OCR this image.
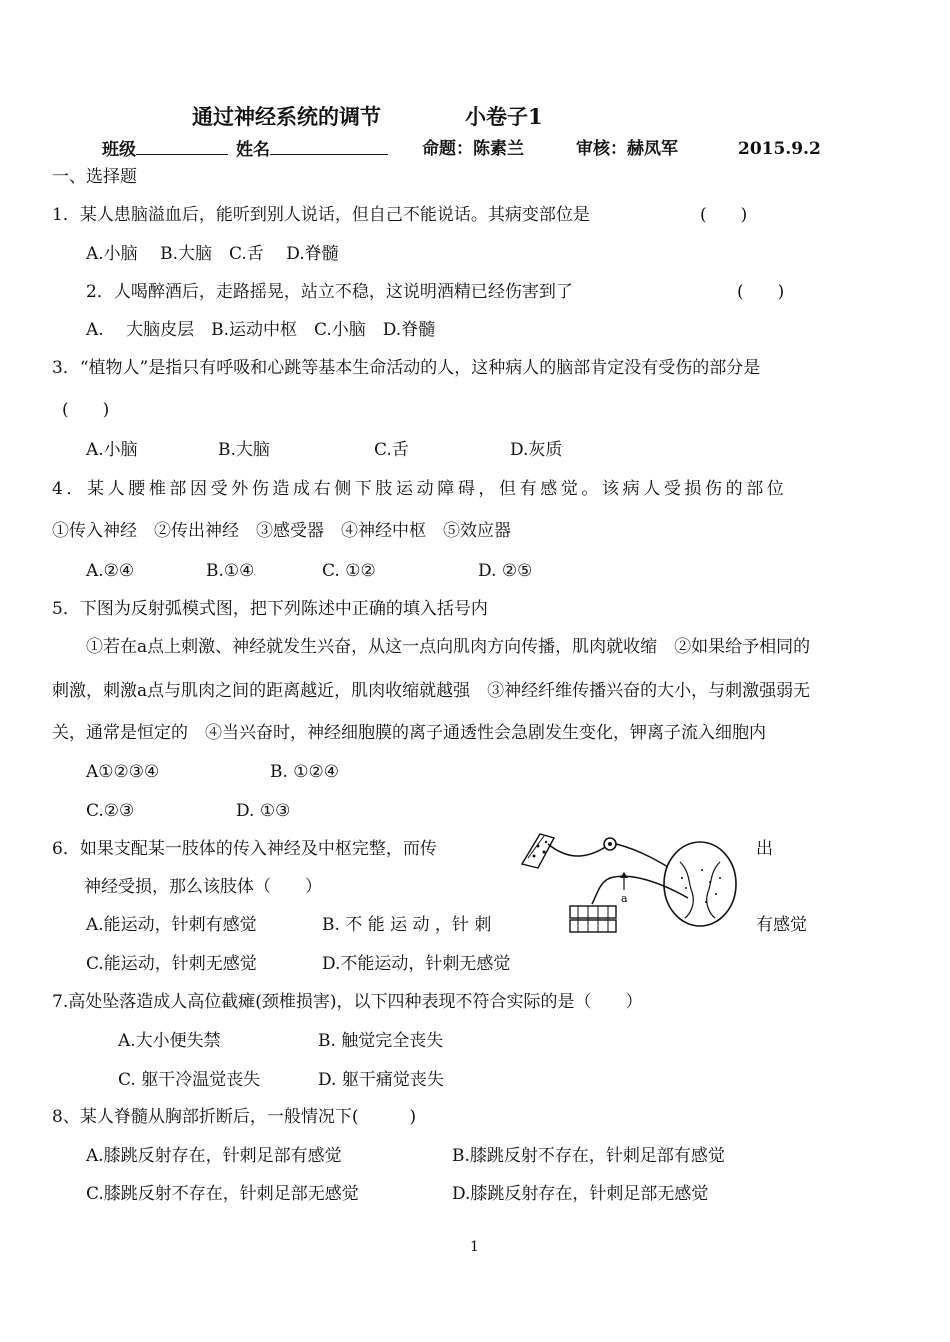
通过神经系统的调节	小卷子1
班级	姓名	命题：陈素兰	审核：赫凤军	2015.9.2
一、选择题
1．某人患脑溢血后，能听到别人说话，但自己不能说话。其病变部位是	(　　)
A.小脑　 B.大脑　C.舌　 D.脊髓
2．人喝醉酒后，走路摇晃，站立不稳，这说明酒精已经伤害到了	(　　)
A.　 大脑皮层　B.运动中枢　C.小脑　D.脊髓
3．“植物人”是指只有呼吸和心跳等基本生命活动的人，这种病人的脑部肯定没有受伤的部分是
(　　)
A.小脑	B.大脑	C.舌	D.灰质
4．某人腰椎部因受外伤造成右侧下肢运动障碍，但有感觉。该病人受损伤的部位
①传入神经　②传出神经　③感受器　④神经中枢　⑤效应器
A.②④	B.①④	C. ①②	D. ②⑤
5．下图为反射弧模式图，把下列陈述中正确的填入括号内
①若在a点上刺激、神经就发生兴奋，从这一点向肌肉方向传播，肌肉就收缩　②如果给予相同的
刺激，刺激a点与肌肉之间的距离越近，肌肉收缩就越强　③神经纤维传播兴奋的大小，与刺激强弱无
关，通常是恒定的　④当兴奋时，神经细胞膜的离子通透性会急剧发生变化，钾离子流入细胞内
A①②③④	B. ①②④
C.②③	D. ①③
6．如果支配某一肢体的传入神经及中枢完整，而传	出
神经受损，那么该肢体（　　）
A.能运动，针刺有感觉	B. 不 能 运 动 ，针 刺	有感觉
C.能运动，针刺无感觉	D.不能运动，针刺无感觉
a
7.高处坠落造成人高位截瘫(颈椎损害)，以下四种表现不符合实际的是（　　）
A.大小便失禁	B. 触觉完全丧失
C. 躯干冷温觉丧失	D. 躯干痛觉丧失
8、某人脊髓从胸部折断后，一般情况下(　　　)
A.膝跳反射存在，针刺足部有感觉	B.膝跳反射不存在，针刺足部有感觉
C.膝跳反射不存在，针刺足部无感觉	D.膝跳反射存在，针刺足部无感觉
1
